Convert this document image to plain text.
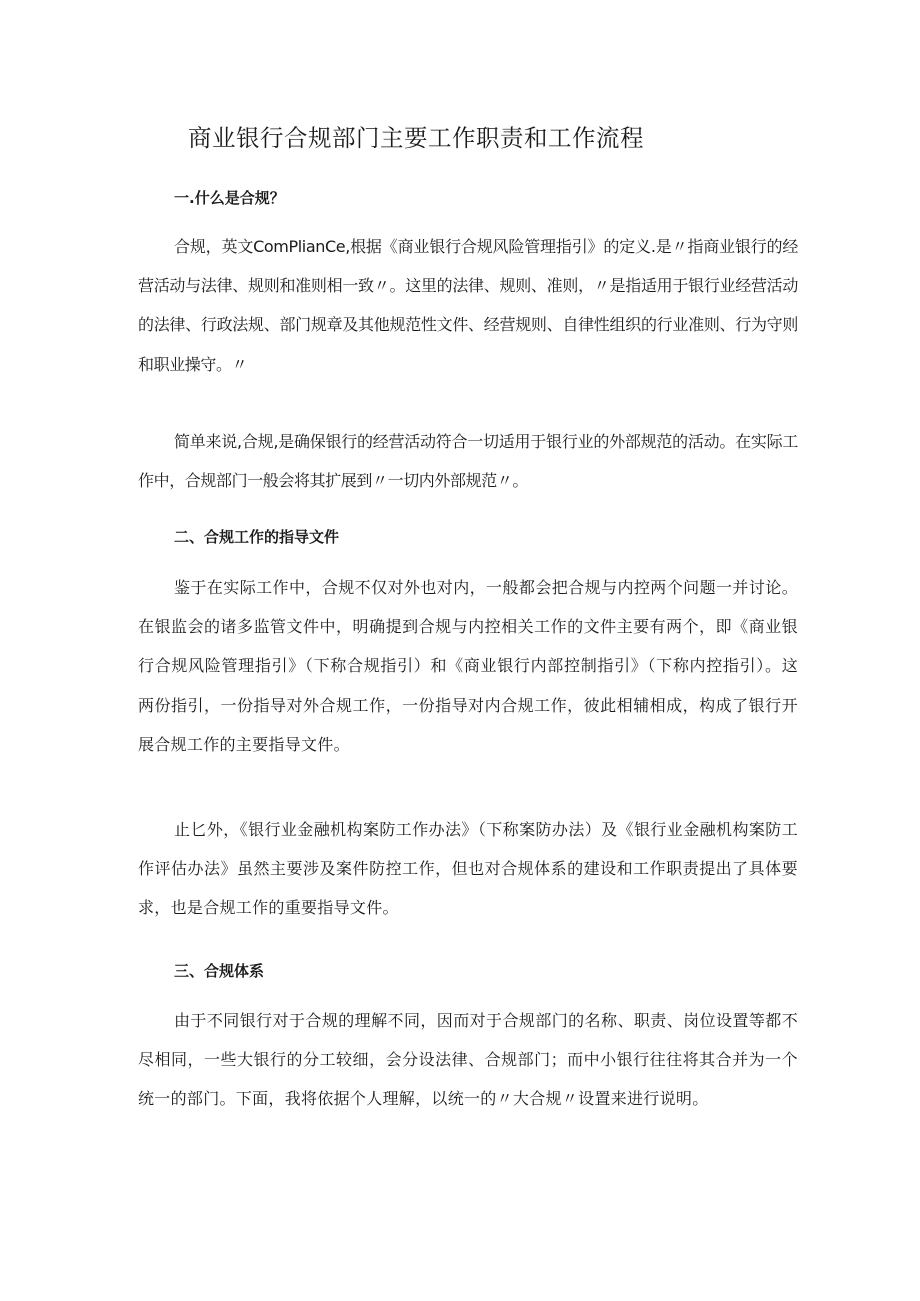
商业银行合规部门主要工作职责和工作流程
一.什么是合规？
合规，英文ComPlianCe,根据《商业银行合规风险管理指引》的定义.是〃指商业银行的经营活动与法律、规则和准则相一致〃。这里的法律、规则、准则，〃是指适用于银行业经营活动的法律、行政法规、部门规章及其他规范性文件、经营规则、自律性组织的行业准则、行为守则和职业操守。〃
简单来说,合规,是确保银行的经营活动符合一切适用于银行业的外部规范的活动。在实际工作中，合规部门一般会将其扩展到〃一切内外部规范〃。
二、合规工作的指导文件
鉴于在实际工作中，合规不仅对外也对内，一般都会把合规与内控两个问题一并讨论。在银监会的诸多监管文件中，明确提到合规与内控相关工作的文件主要有两个，即《商业银行合规风险管理指引》（下称合规指引）和《商业银行内部控制指引》（下称内控指引）。这两份指引，一份指导对外合规工作，一份指导对内合规工作，彼此相辅相成，构成了银行开展合规工作的主要指导文件。
止匕外，《银行业金融机构案防工作办法》（下称案防办法）及《银行业金融机构案防工作评估办法》虽然主要涉及案件防控工作，但也对合规体系的建设和工作职责提出了具体要求，也是合规工作的重要指导文件。
三、合规体系
由于不同银行对于合规的理解不同，因而对于合规部门的名称、职责、岗位设置等都不尽相同，一些大银行的分工较细，会分设法律、合规部门；而中小银行往往将其合并为一个统一的部门。下面，我将依据个人理解，以统一的〃大合规〃设置来进行说明。
